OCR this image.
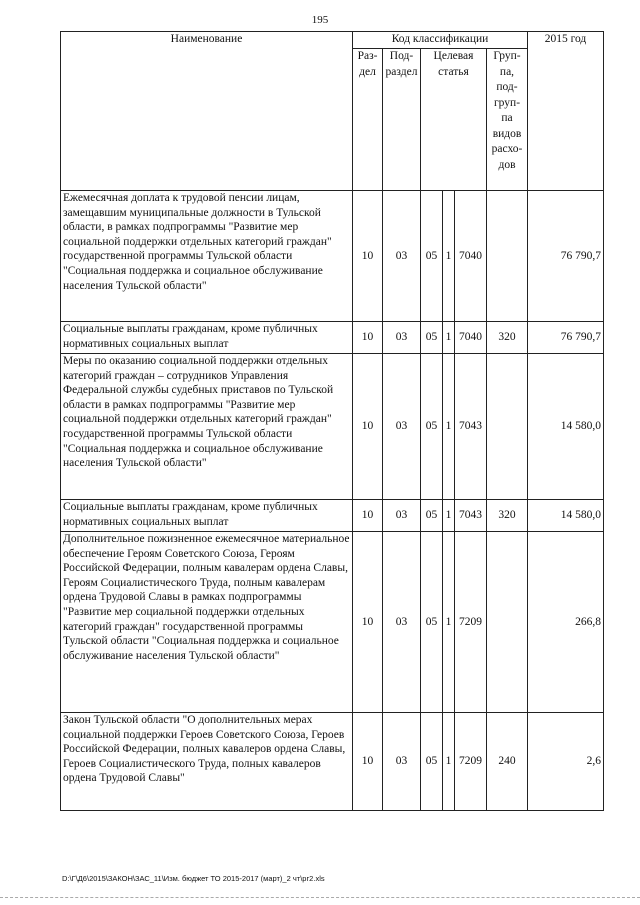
195
Наименование	Код классификации						2015 год
	Раз-дел	Под-раздел	Целевая статья			Груп-па, под-груп-па видов расхо-дов	
Ежемесячная доплата к трудовой пенсии лицам, замещавшим муниципальные должности в Тульской области, в рамках подпрограммы "Развитие мер социальной поддержки отдельных категорий граждан" государственной программы Тульской области "Социальная поддержка и социальное обслуживание населения Тульской области"	10	03	05	1	7040		76 790,7
Социальные выплаты гражданам, кроме публичных нормативных социальных выплат	10	03	05	1	7040	320	76 790,7
Меры по оказанию социальной поддержки отдельных категорий граждан – сотрудников Управления Федеральной службы судебных приставов по Тульской области в рамках подпрограммы "Развитие мер социальной поддержки отдельных категорий граждан" государственной программы Тульской области "Социальная поддержка и социальное обслуживание населения Тульской области"	10	03	05	1	7043		14 580,0
Социальные выплаты гражданам, кроме публичных нормативных социальных выплат	10	03	05	1	7043	320	14 580,0
Дополнительное пожизненное ежемесячное материальное обеспечение Героям Советского Союза, Героям Российской Федерации, полным кавалерам ордена Славы, Героям Социалистического Труда, полным кавалерам ордена Трудовой Славы в рамках подпрограммы "Развитие мер социальной поддержки отдельных категорий граждан" государственной программы Тульской области "Социальная поддержка и социальное обслуживание населения Тульской области"	10	03	05	1	7209		266,8
Закон Тульской области "О дополнительных мерах социальной поддержки Героев Советского Союза, Героев Российской Федерации, полных кавалеров ордена Славы, Героев Социалистического Труда, полных кавалеров ордена Трудовой Славы"	10	03	05	1	7209	240	2,6
D:\Г\Д6\2015\ЗАКОН\ЗАС_11\Изм. бюджет ТО 2015-2017 (март)_2 чт\рг2.xls
